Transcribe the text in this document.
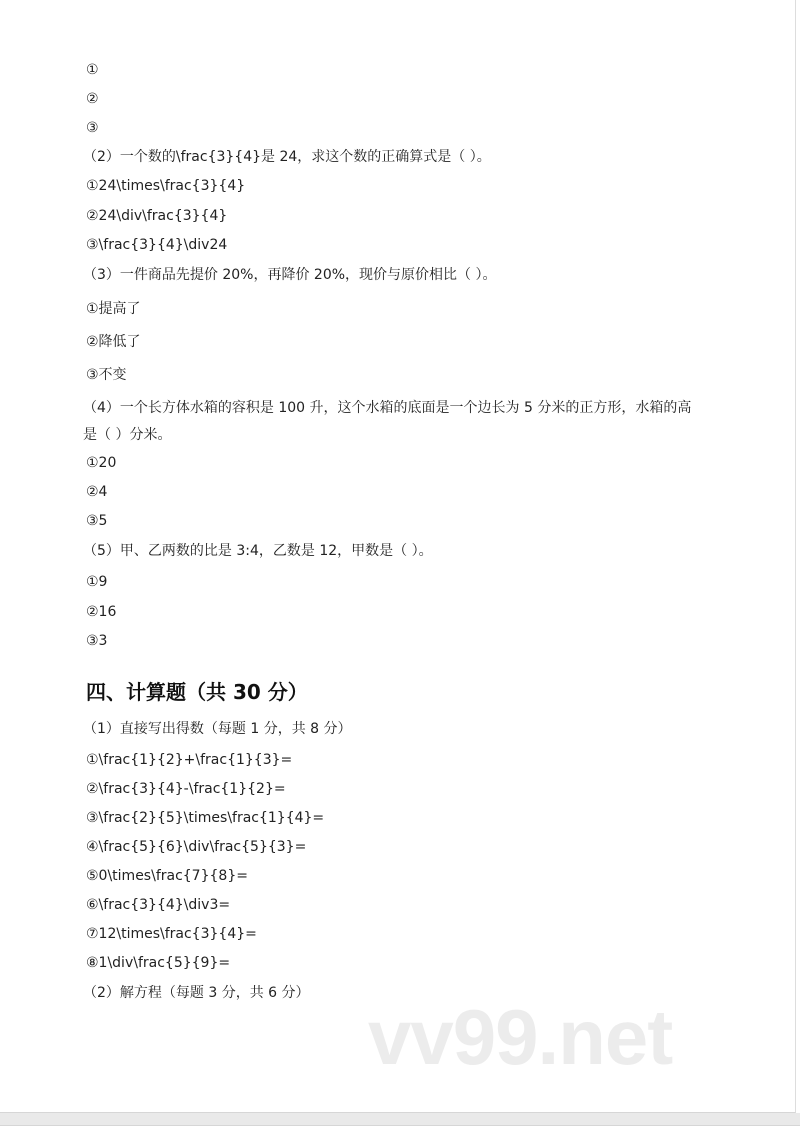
①
②
③
（2）一个数的\frac{3}{4}是 24，求这个数的正确算式是（ ）。
①24\times\frac{3}{4}
②24\div\frac{3}{4}
③\frac{3}{4}\div24
（3）一件商品先提价 20%，再降价 20%，现价与原价相比（ ）。
①提高了
②降低了
③不变
（4）一个长方体水箱的容积是 100 升，这个水箱的底面是一个边长为 5 分米的正方形，水箱的高是（ ）分米。
①20
②4
③5
（5）甲、乙两数的比是 3:4，乙数是 12，甲数是（ ）。
①9
②16
③3
四、计算题（共 30 分）
（1）直接写出得数（每题 1 分，共 8 分）
①\frac{1}{2}+\frac{1}{3}=
②\frac{3}{4}-\frac{1}{2}=
③\frac{2}{5}\times\frac{1}{4}=
④\frac{5}{6}\div\frac{5}{3}=
⑤0\times\frac{7}{8}=
⑥\frac{3}{4}\div3=
⑦12\times\frac{3}{4}=
⑧1\div\frac{5}{9}=
（2）解方程（每题 3 分，共 6 分） vv99.net
